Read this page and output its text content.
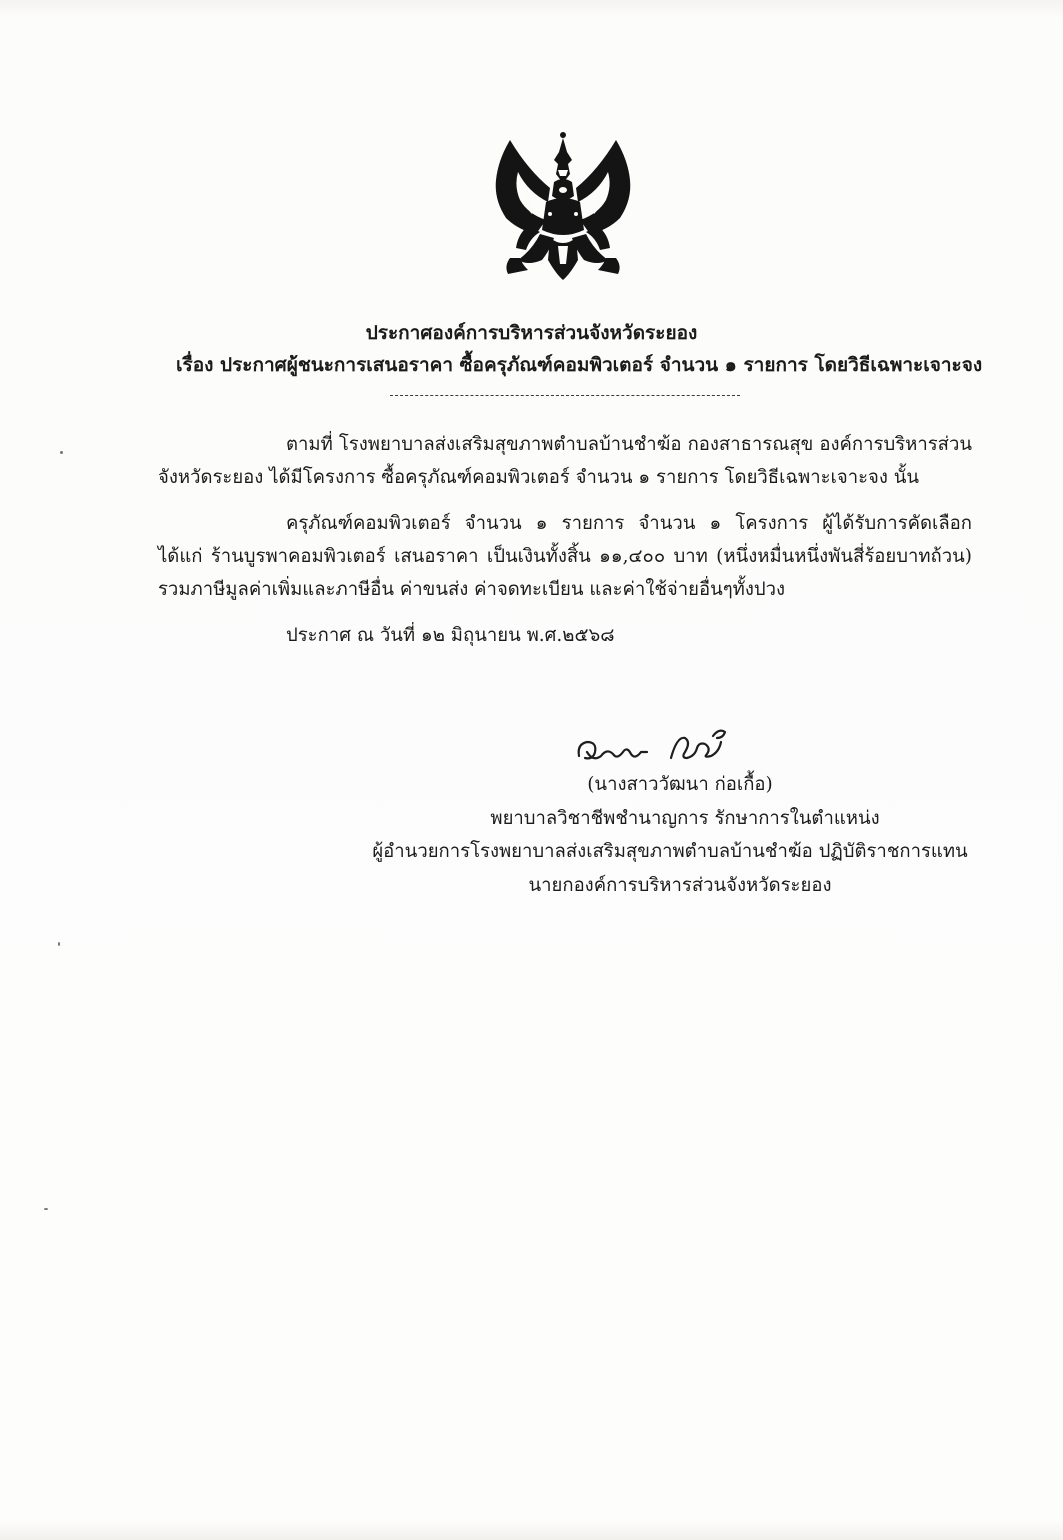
ประกาศองค์การบริหารส่วนจังหวัดระยอง
เรื่อง ประกาศผู้ชนะการเสนอราคา ซื้อครุภัณฑ์คอมพิวเตอร์ จำนวน ๑ รายการ โดยวิธีเฉพาะเจาะจง
ตามที่ โรงพยาบาลส่งเสริมสุขภาพตำบลบ้านชำฆ้อ กองสาธารณสุข องค์การบริหารส่วน
จังหวัดระยอง ได้มีโครงการ ซื้อครุภัณฑ์คอมพิวเตอร์ จำนวน ๑ รายการ โดยวิธีเฉพาะเจาะจง นั้น
ครุภัณฑ์คอมพิวเตอร์ จำนวน ๑ รายการ จำนวน ๑ โครงการ ผู้ได้รับการคัดเลือก
ได้แก่ ร้านบูรพาคอมพิวเตอร์ เสนอราคา เป็นเงินทั้งสิ้น ๑๑,๔๐๐ บาท (หนึ่งหมื่นหนึ่งพันสี่ร้อยบาทถ้วน)
รวมภาษีมูลค่าเพิ่มและภาษีอื่น ค่าขนส่ง ค่าจดทะเบียน และค่าใช้จ่ายอื่นๆทั้งปวง
ประกาศ ณ วันที่ ๑๒ มิถุนายน พ.ศ.๒๕๖๘
(นางสาววัฒนา ก่อเกื้อ)
พยาบาลวิชาชีพชำนาญการ รักษาการในตำแหน่ง
ผู้อำนวยการโรงพยาบาลส่งเสริมสุขภาพตำบลบ้านชำฆ้อ ปฏิบัติราชการแทน
นายกองค์การบริหารส่วนจังหวัดระยอง
